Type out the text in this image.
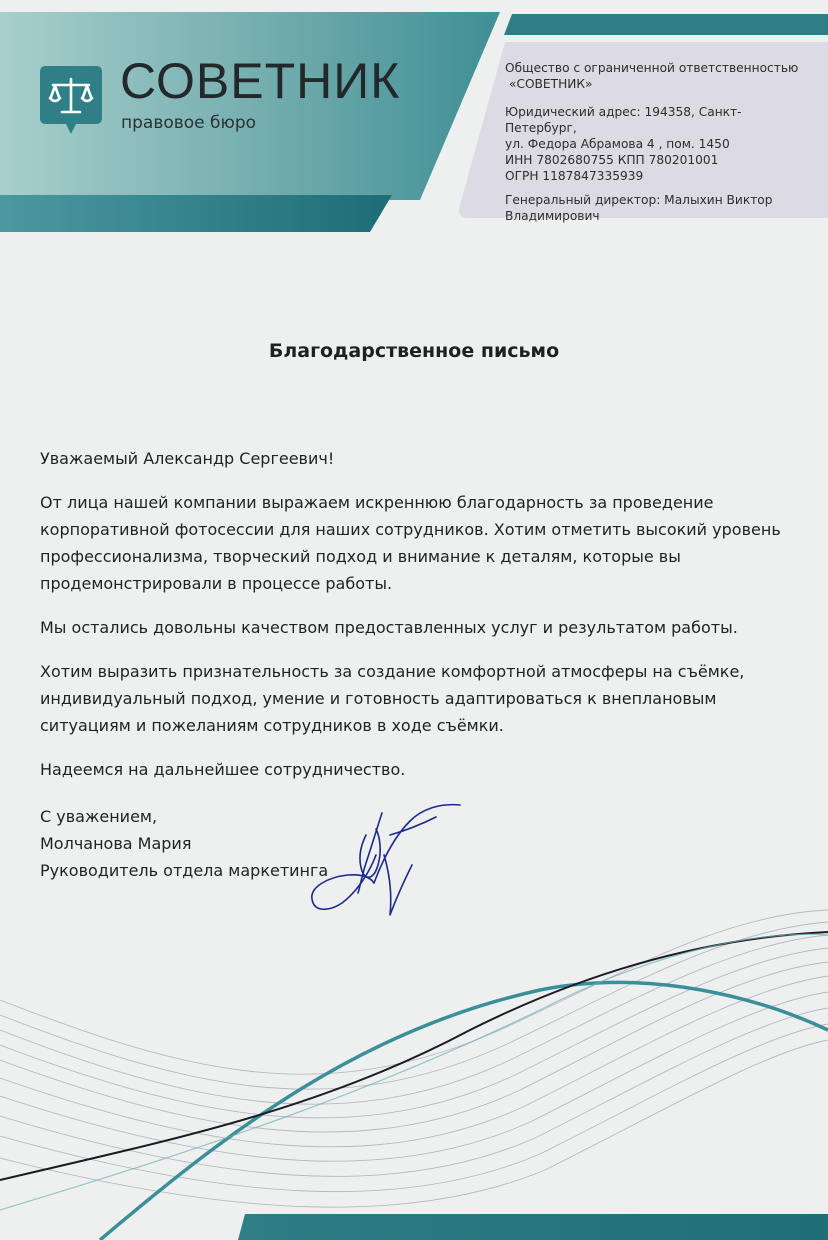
СОВЕТНИК
правовое бюро
Общество с ограниченной ответственностью
«СОВЕТНИК»
Юридический адрес: 194358, Санкт-Петербург,
ул. Федора Абрамова 4 , пом. 1450
ИНН 7802680755 КПП 780201001
ОГРН 1187847335939
Генеральный директор: Малыхин Виктор
Владимирович
Благодарственное письмо

Уважаемый Александр Сергеевич!

От лица нашей компании выражаем искреннюю благодарность за проведение корпоративной фотосессии для наших сотрудников. Хотим отметить высокий уровень профессионализма, творческий подход и внимание к деталям, которые вы продемонстрировали в процессе работы.

Мы остались довольны качеством предоставленных услуг и результатом работы.

Хотим выразить признательность за создание комфортной атмосферы на съёмке, индивидуальный подход, умение и готовность адаптироваться к внеплановым ситуациям и пожеланиям сотрудников в ходе съёмки.

Надеемся на дальнейшее сотрудничество.

С уважением,
Молчанова Мария
Руководитель отдела маркетинга
